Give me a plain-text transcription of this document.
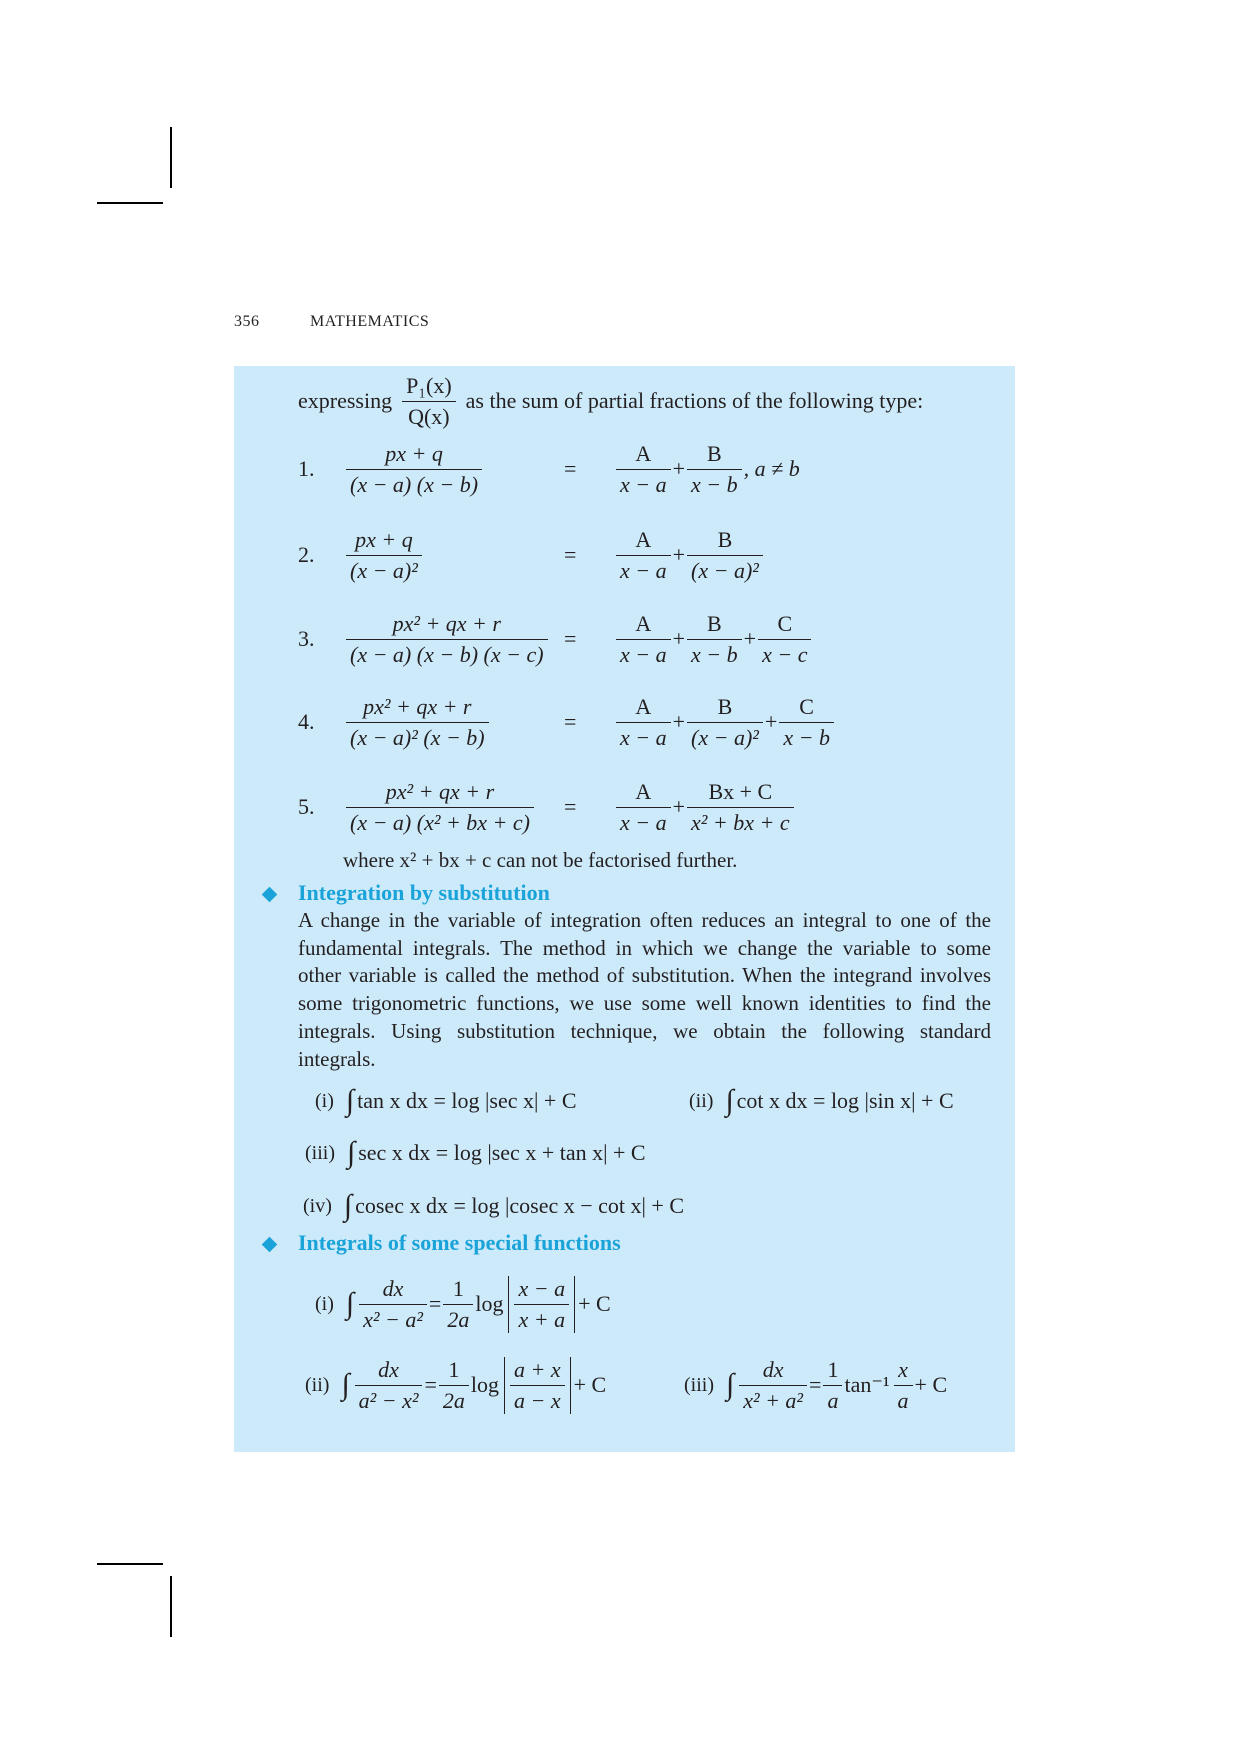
356	MATHEMATICS
expressing $\frac{\text{P₁(x)}}{Q(x)}$ as the sum of partial fractions of the following type:
1. $\frac{px + q}{(x - a) (x - b)}$	= $\frac{A}{x - a} + \frac{B}{x - b}$ , a ≠ b
2. $\frac{px + q}{\text{(x − a)²}}$	= $\frac{A}{x - a} + \frac{B}{\text{(x − a)²}}$
3. $\frac{\text{px² + qx + r}}{(x - a) (x - b) (x - c)} = \frac{A}{x - a} + \frac{B}{x - b} + \frac{C}{x - c}$
4. $\frac{\text{px² + qx + r}}{\text{(x − a)² (x − b)}}$	= $\frac{A}{x - a} + \frac{B}{\text{(x − a)²}} + \frac{C}{x - b}$
5. $\frac{\text{px² + qx + r}}{\text{(x − a) (x² + bx + c)}} = \frac{A}{x - a} + \frac{Bx + C}{\text{x² + bx + c}}$
where x² + bx + c can not be factorised further.
Integration by substitution
A change in the variable of integration often reduces an integral to one of the
fundamental integrals. The method in which we change the variable to some
other variable is called the method of substitution. When the integrand involves
some trigonometric functions, we use some well known identities to find the
integrals. Using substitution technique, we obtain the following standard
integrals.
(i) ∫ tan x dx = log |sec x| + C	(ii) ∫ cot x dx = log |sin x| + C
(iii) ∫ sec x dx = log |sec x + tan x| + C
(iv) ∫ cosec x dx = log |cosec x − cot x| + C
Integrals of some special functions
(i) ∫ $\frac{dx}{\text{x² − a²}} = \frac{1}{2a}$ $\log \frac{x - a}{x + a} + C$
(ii) ∫ $\frac{dx}{\text{a² − x²}} = \frac{1}{2a}$ $\log \frac{a + x}{a - x} + C$	(iii) ∫ $\frac{dx}{\text{x² + a²}} = \frac{1}{a} \tan^{-1} \frac{x}{a} + C$
